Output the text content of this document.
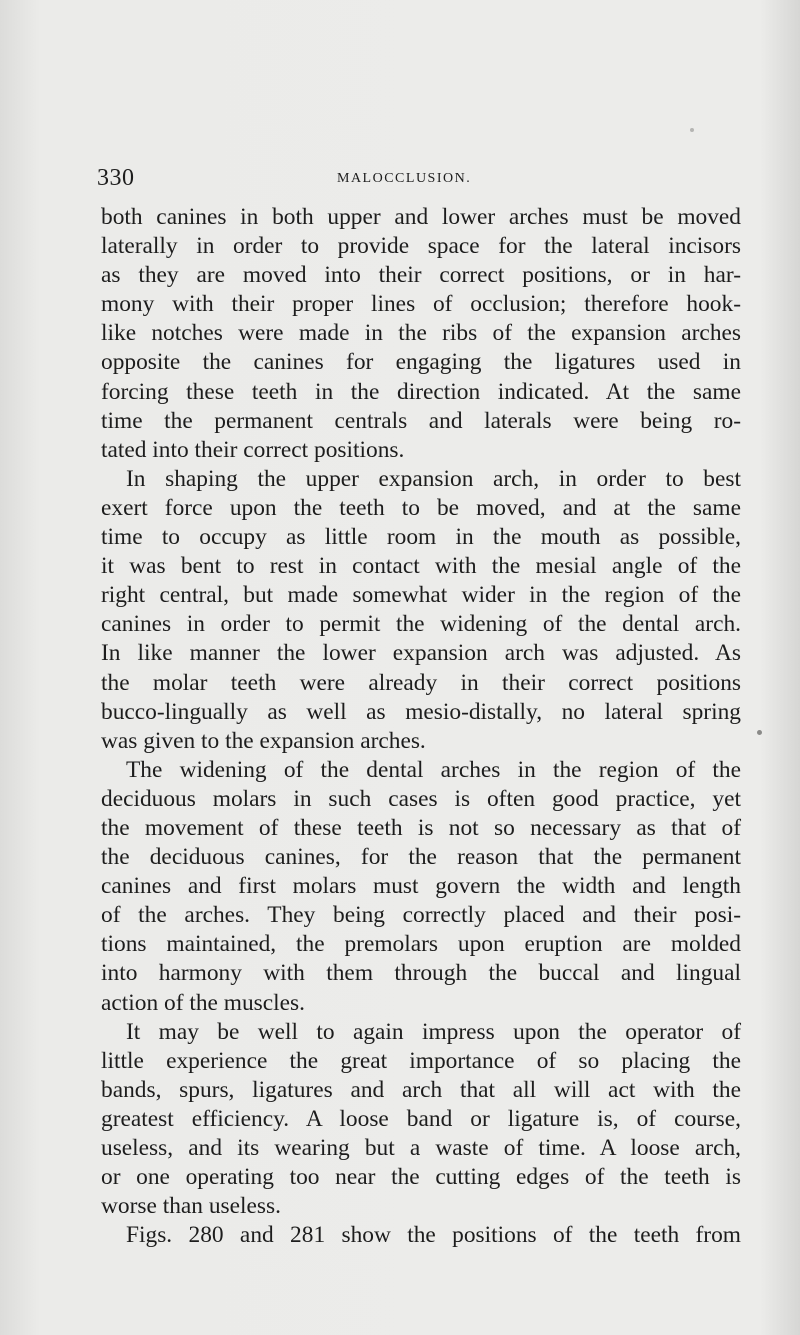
330	MALOCCLUSION.
both canines in both upper and lower arches must be moved
laterally in order to provide space for the lateral incisors
as they are moved into their correct positions, or in har-
mony with their proper lines of occlusion; therefore hook-
like notches were made in the ribs of the expansion arches
opposite the canines for engaging the ligatures used in
forcing these teeth in the direction indicated. At the same
time the permanent centrals and laterals were being ro-
tated into their correct positions.
In shaping the upper expansion arch, in order to best
exert force upon the teeth to be moved, and at the same
time to occupy as little room in the mouth as possible,
it was bent to rest in contact with the mesial angle of the
right central, but made somewhat wider in the region of the
canines in order to permit the widening of the dental arch.
In like manner the lower expansion arch was adjusted. As
the molar teeth were already in their correct positions
bucco-lingually as well as mesio-distally, no lateral spring
was given to the expansion arches.
The widening of the dental arches in the region of the
deciduous molars in such cases is often good practice, yet
the movement of these teeth is not so necessary as that of
the deciduous canines, for the reason that the permanent
canines and first molars must govern the width and length
of the arches. They being correctly placed and their posi-
tions maintained, the premolars upon eruption are molded
into harmony with them through the buccal and lingual
action of the muscles.
It may be well to again impress upon the operator of
little experience the great importance of so placing the
bands, spurs, ligatures and arch that all will act with the
greatest efficiency. A loose band or ligature is, of course,
useless, and its wearing but a waste of time. A loose arch,
or one operating too near the cutting edges of the teeth is
worse than useless.
Figs. 280 and 281 show the positions of the teeth from
